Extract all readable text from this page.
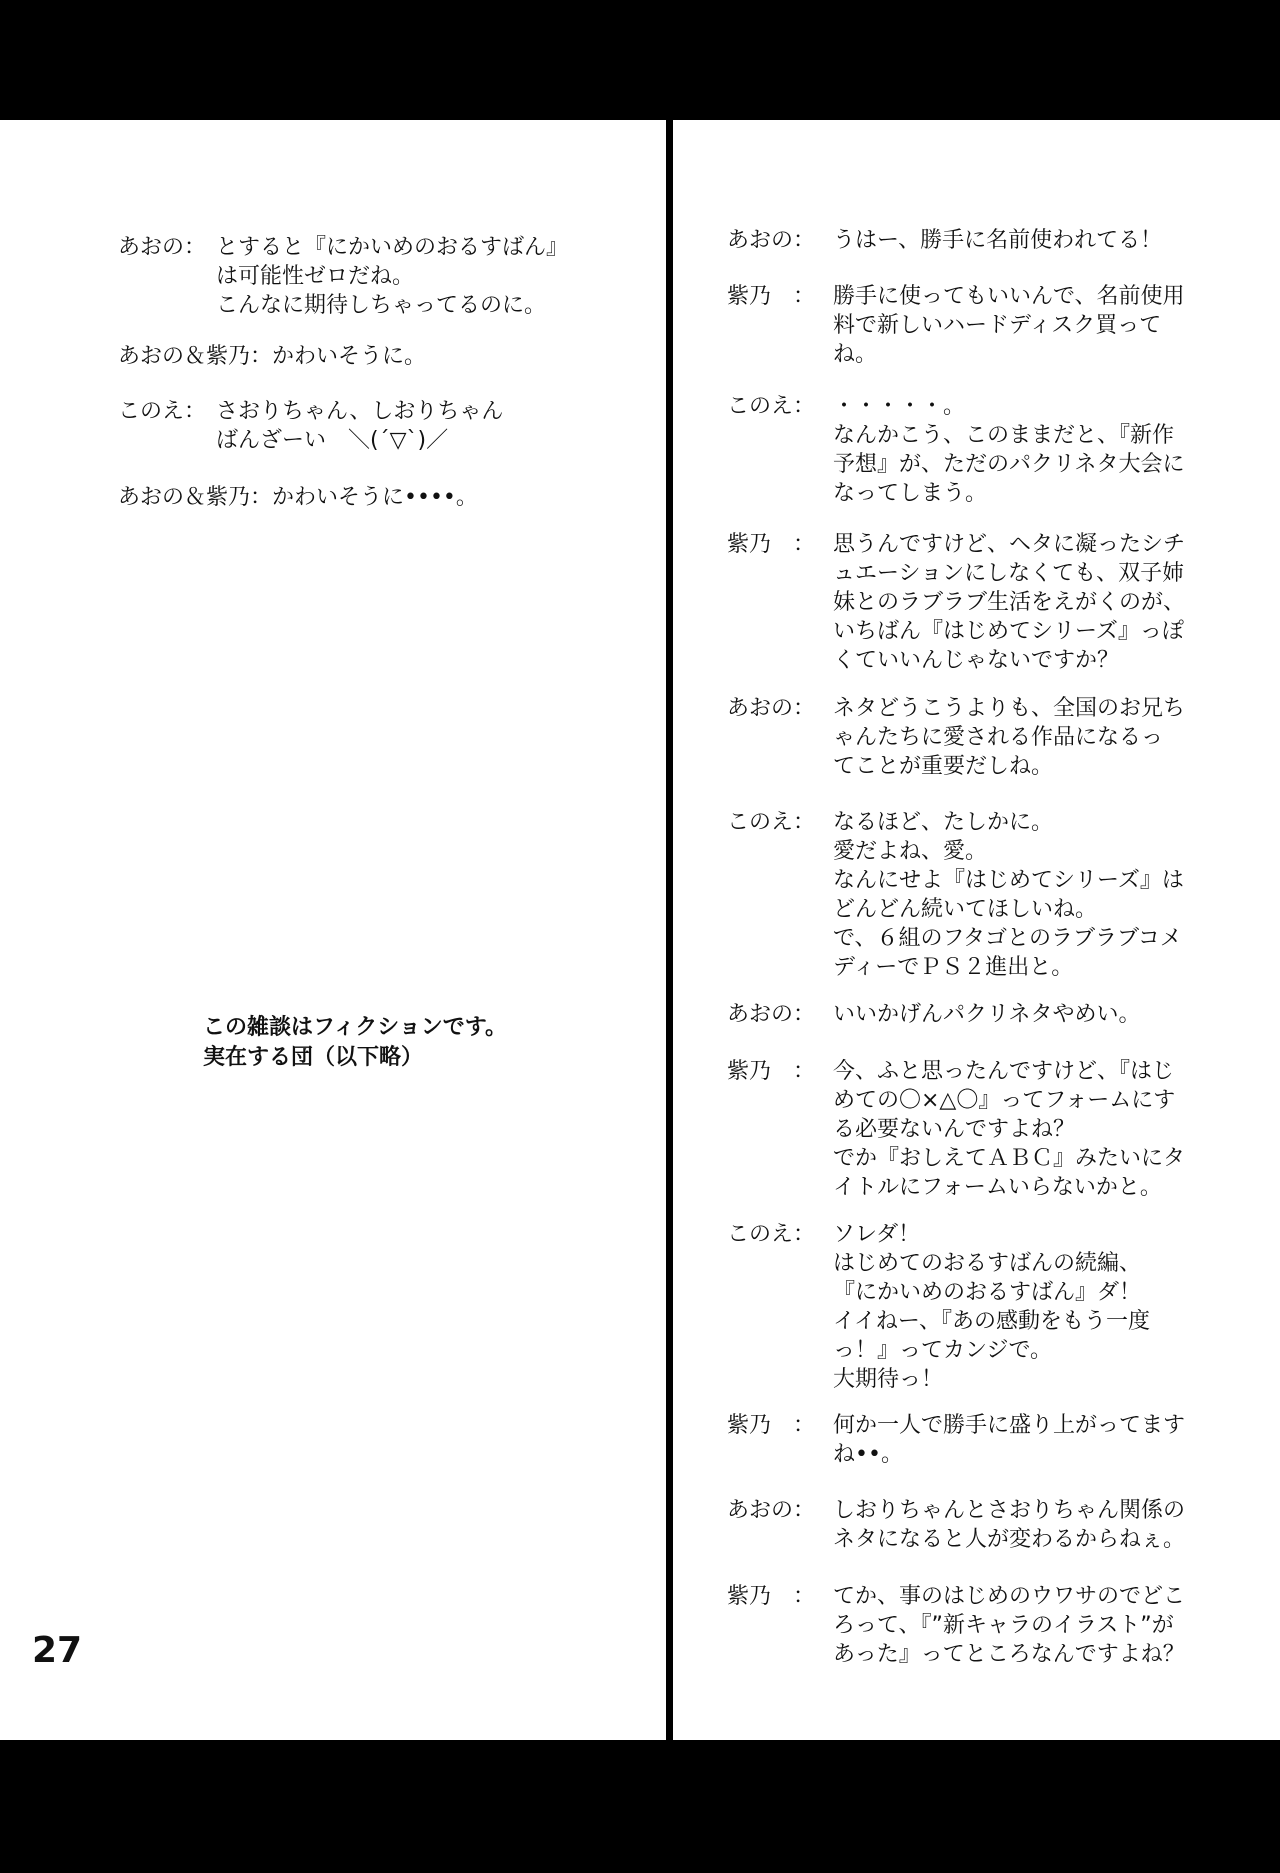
あおの： とすると『にかいめのおるすばん』
は可能性ゼロだね。
こんなに期待しちゃってるのに。
あおの＆紫乃：かわいそうに。
このえ： さおりちゃん、しおりちゃん
ばんざーい　＼(´▽`)／
あおの＆紫乃：かわいそうに••••。
この雑談はフィクションです。
実在する団（以下略）
27
あおの： うはー、勝手に名前使われてる！
紫乃　： 勝手に使ってもいいんで、名前使用
料で新しいハードディスク買って
ね。
このえ： ・・・・・。
なんかこう、このままだと、『新作
予想』が、ただのパクリネタ大会に
なってしまう。
紫乃　： 思うんですけど、ヘタに凝ったシチ
ュエーションにしなくても、双子姉
妹とのラブラブ生活をえがくのが、
いちばん『はじめてシリーズ』っぽ
くていいんじゃないですか？
あおの： ネタどうこうよりも、全国のお兄ち
ゃんたちに愛される作品になるっ
てことが重要だしね。
このえ： なるほど、たしかに。
愛だよね、愛。
なんにせよ『はじめてシリーズ』は
どんどん続いてほしいね。
で、６組のフタゴとのラブラブコメ
ディーでＰＳ２進出と。
あおの： いいかげんパクリネタやめい。
紫乃　： 今、ふと思ったんですけど、『はじ
めての〇×△〇』ってフォームにす
る必要ないんですよね？
でか『おしえてＡＢＣ』みたいにタ
イトルにフォームいらないかと。
このえ： ソレダ！
はじめてのおるすばんの続編、
『にかいめのおるすばん』ダ！
イイねー、『あの感動をもう一度
っ！』ってカンジで。
大期待っ！
紫乃　： 何か一人で勝手に盛り上がってます
ね••。
あおの： しおりちゃんとさおりちゃん関係の
ネタになると人が変わるからねぇ。
紫乃　： てか、事のはじめのウワサのでどこ
ろって、『”新キャラのイラスト”が
あった』ってところなんですよね？
